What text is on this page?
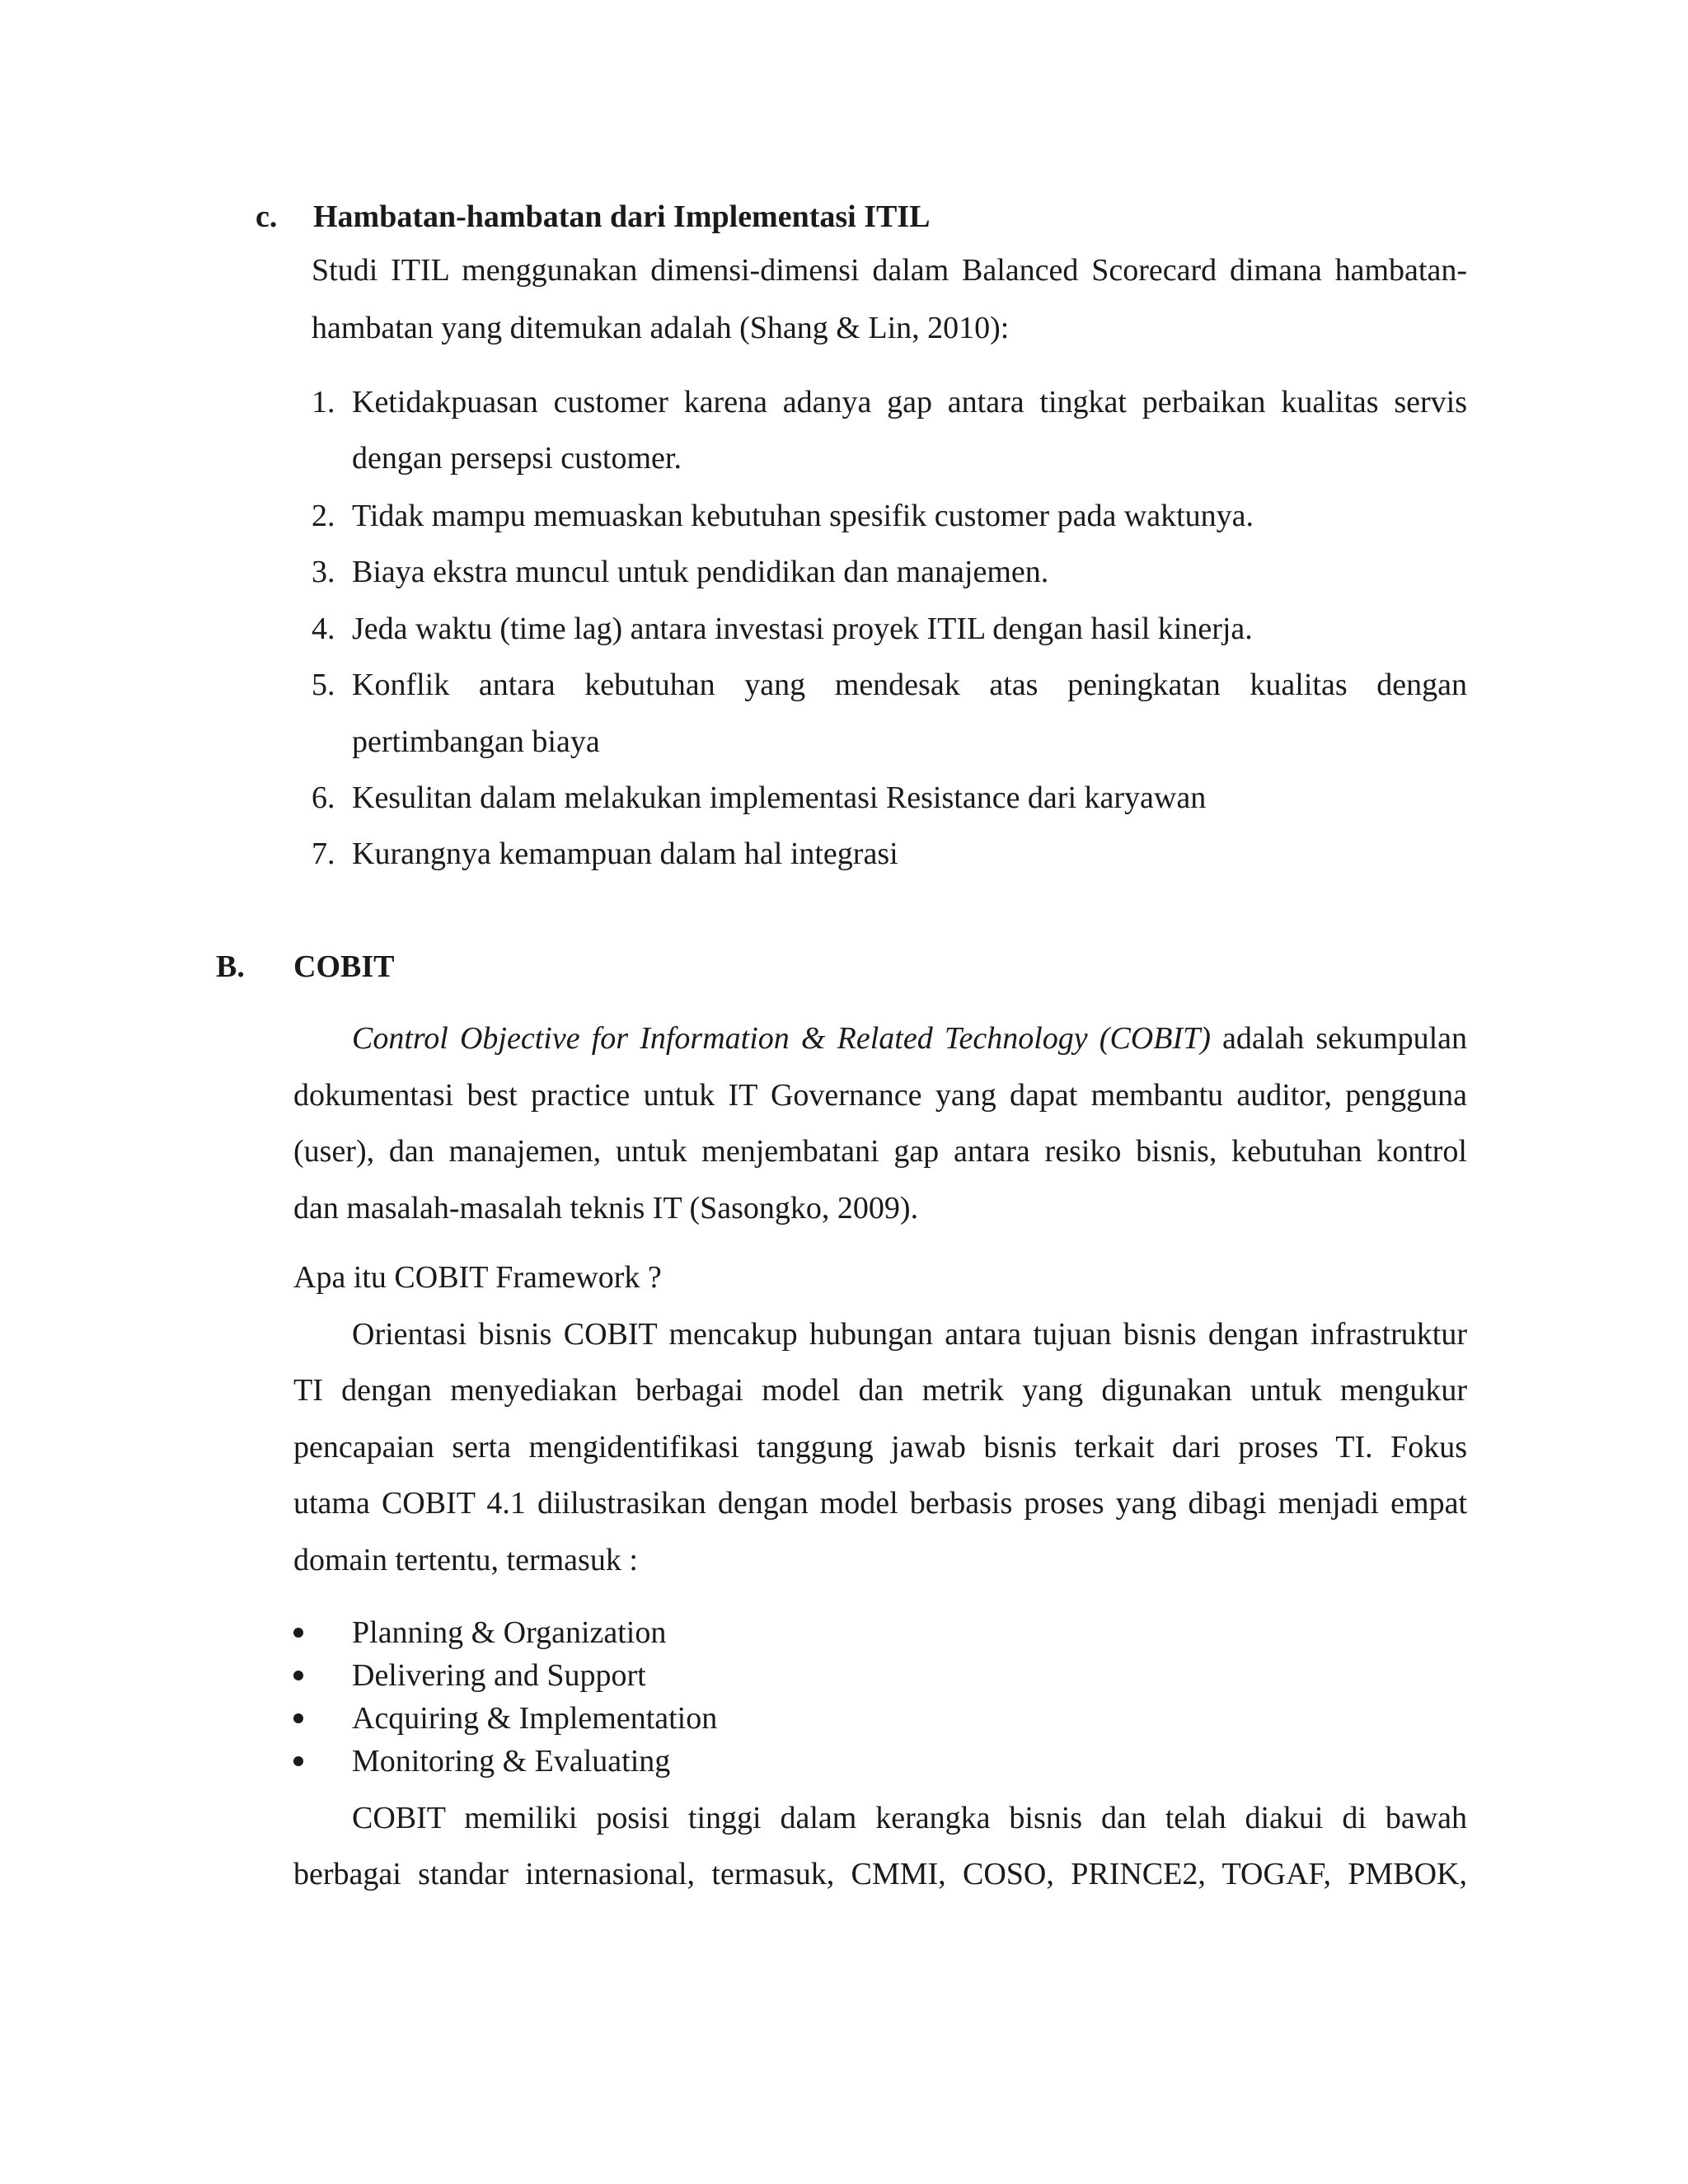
c. Hambatan-hambatan dari Implementasi ITIL
Studi ITIL menggunakan dimensi-dimensi dalam Balanced Scorecard dimana hambatan-
hambatan yang ditemukan adalah (Shang & Lin, 2010):
1. Ketidakpuasan customer karena adanya gap antara tingkat perbaikan kualitas servis
dengan persepsi customer.
2. Tidak mampu memuaskan kebutuhan spesifik customer pada waktunya.
3. Biaya ekstra muncul untuk pendidikan dan manajemen.
4. Jeda waktu (time lag) antara investasi proyek ITIL dengan hasil kinerja.
5. Konflik antara kebutuhan yang mendesak atas peningkatan kualitas dengan
pertimbangan biaya
6. Kesulitan dalam melakukan implementasi Resistance dari karyawan
7. Kurangnya kemampuan dalam hal integrasi
B. COBIT
Control Objective for Information & Related Technology (COBIT) adalah sekumpulan
dokumentasi best practice untuk IT Governance yang dapat membantu auditor, pengguna
(user), dan manajemen, untuk menjembatani gap antara resiko bisnis, kebutuhan kontrol
dan masalah-masalah teknis IT (Sasongko, 2009).
Apa itu COBIT Framework ?
Orientasi bisnis COBIT mencakup hubungan antara tujuan bisnis dengan infrastruktur
TI dengan menyediakan berbagai model dan metrik yang digunakan untuk mengukur
pencapaian serta mengidentifikasi tanggung jawab bisnis terkait dari proses TI. Fokus
utama COBIT 4.1 diilustrasikan dengan model berbasis proses yang dibagi menjadi empat
domain tertentu, termasuk :
Planning & Organization
Delivering and Support
Acquiring & Implementation
Monitoring & Evaluating
COBIT memiliki posisi tinggi dalam kerangka bisnis dan telah diakui di bawah
berbagai standar internasional, termasuk, CMMI, COSO, PRINCE2, TOGAF, PMBOK,
